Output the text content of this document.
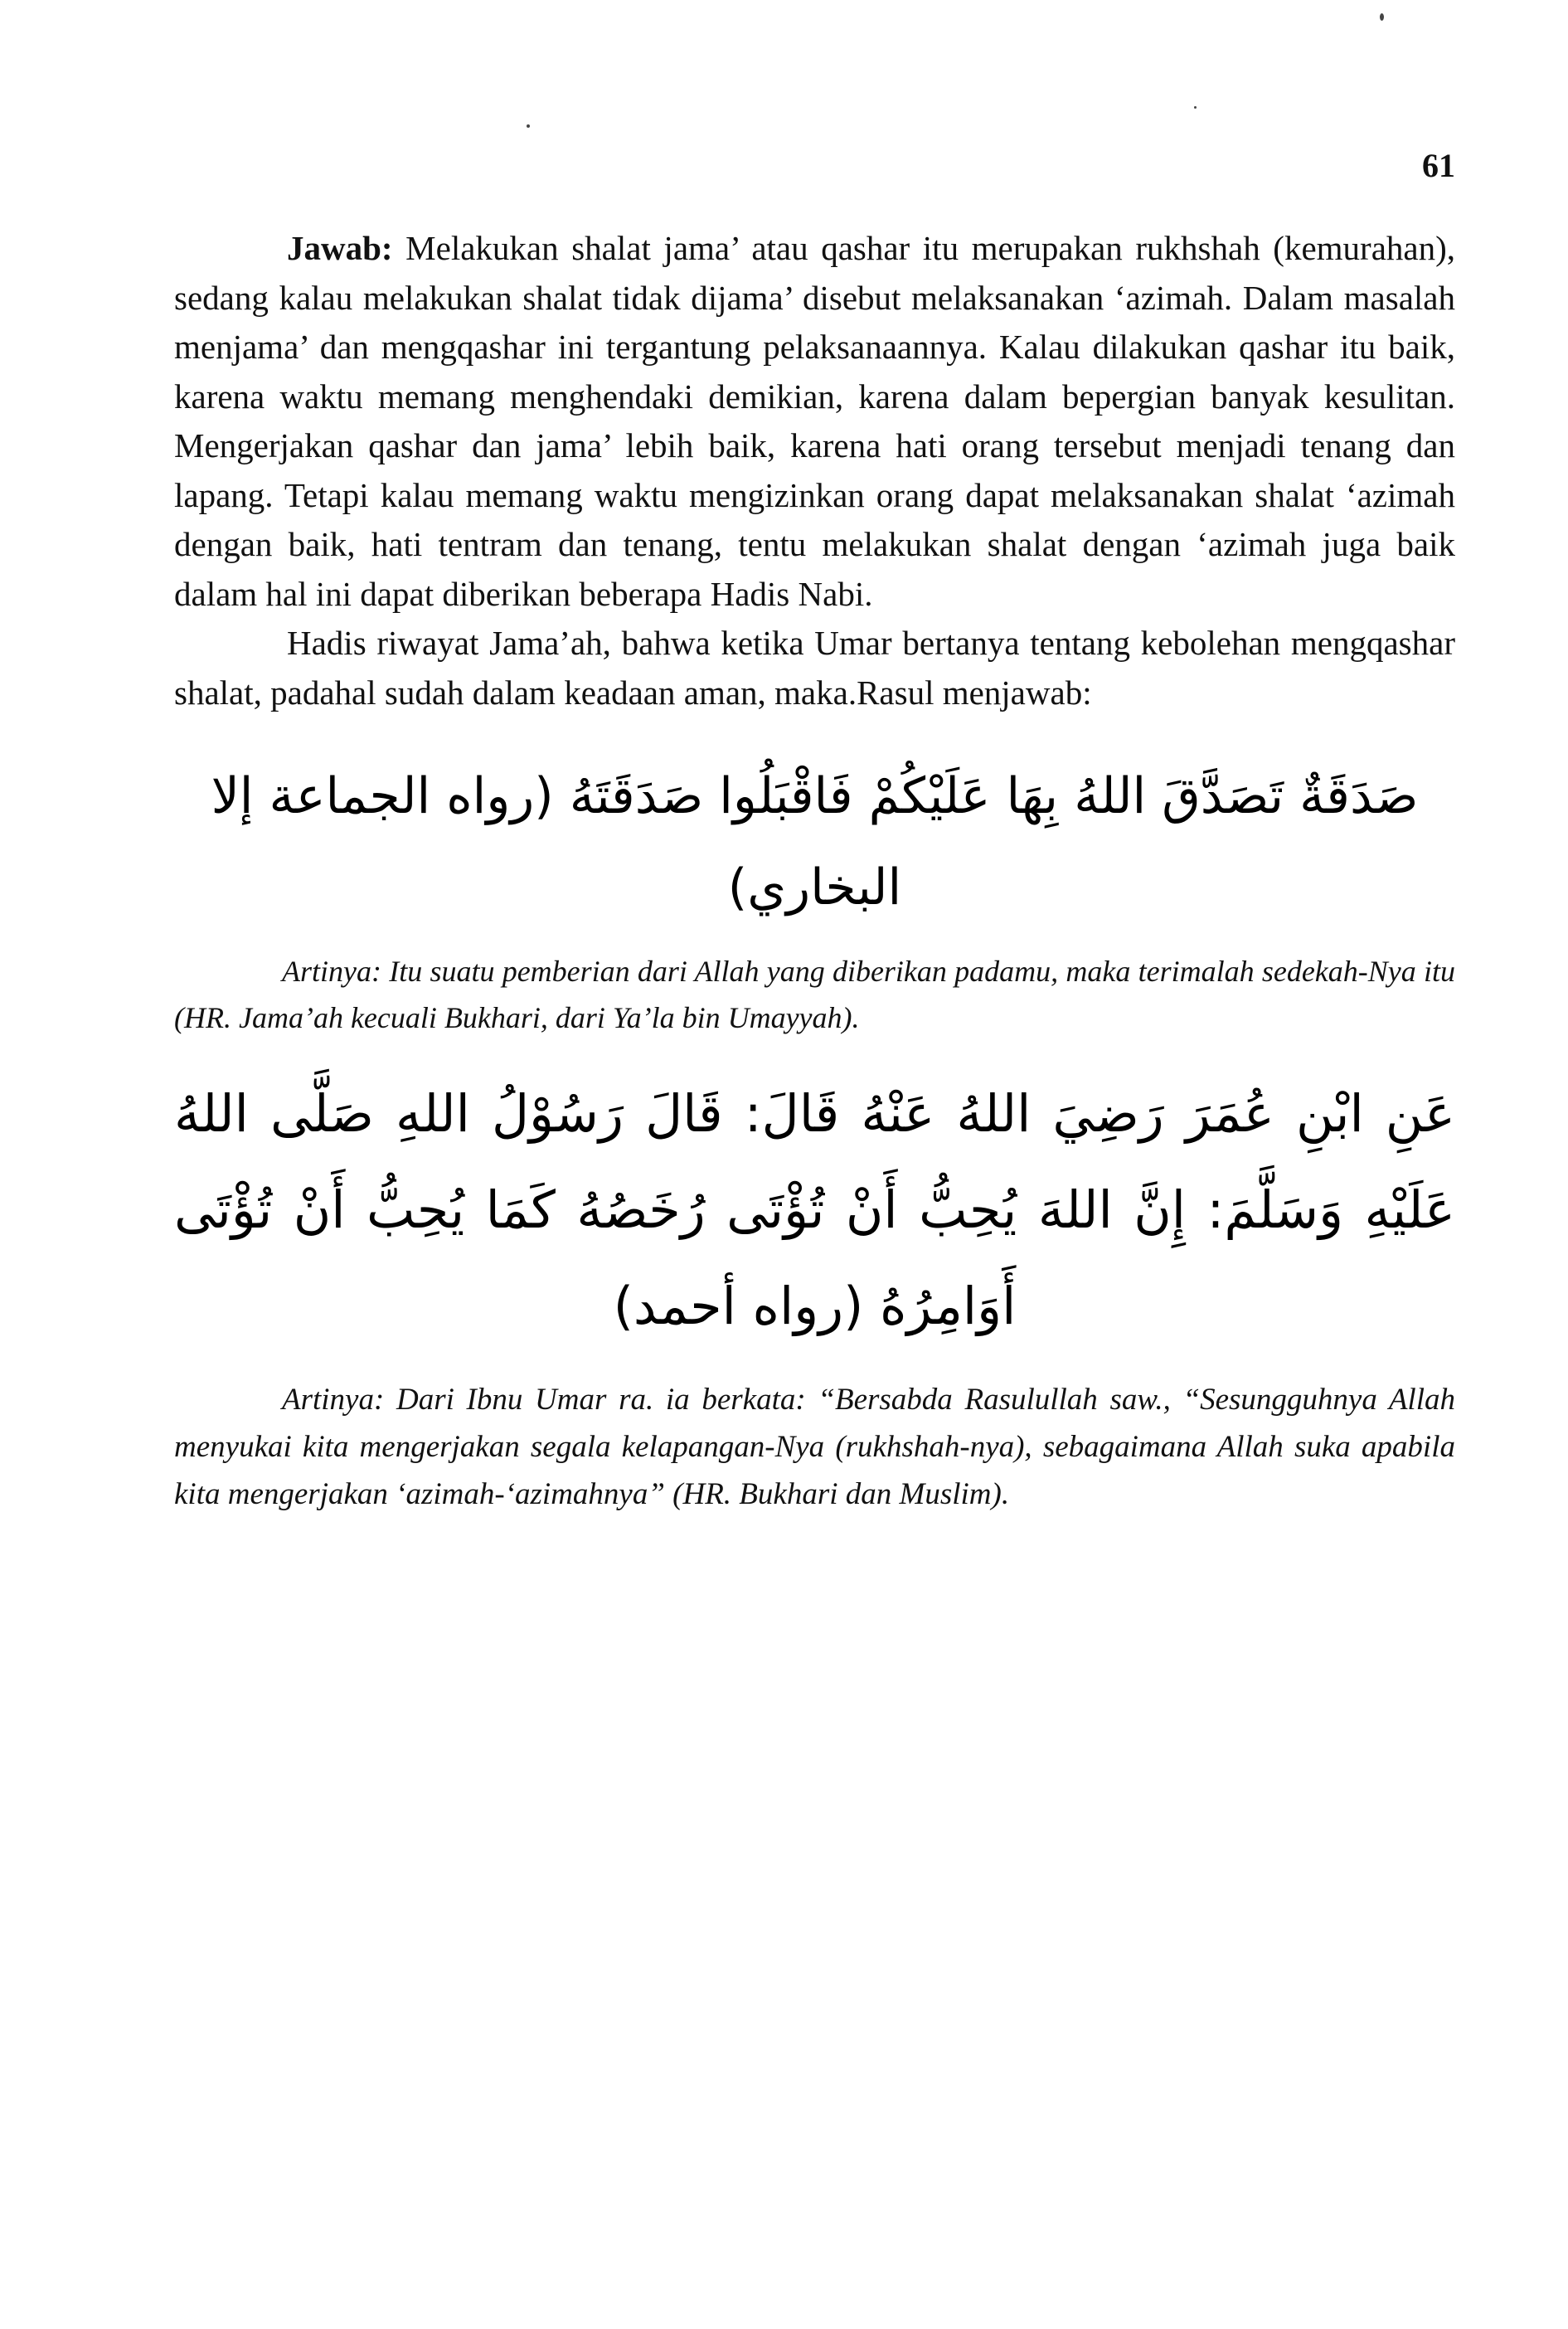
61

Jawab: Melakukan shalat jama’ atau qashar itu merupakan rukhshah (kemurahan), sedang kalau melakukan shalat tidak dijama’ disebut melaksanakan ‘azimah. Dalam masalah menjama’ dan mengqashar ini tergantung pelaksanaannya. Kalau dilakukan qashar itu baik, karena waktu memang menghendaki demikian, karena dalam bepergian banyak kesulitan. Mengerjakan qashar dan jama’ lebih baik, karena hati orang tersebut menjadi tenang dan lapang. Tetapi kalau memang waktu mengizinkan orang dapat melaksanakan shalat ‘azimah dengan baik, hati tentram dan tenang, tentu melakukan shalat dengan ‘azimah juga baik dalam hal ini dapat diberikan beberapa Hadis Nabi.

Hadis riwayat Jama’ah, bahwa ketika Umar bertanya tentang kebolehan mengqashar shalat, padahal sudah dalam keadaan aman, maka.Rasul menjawab:

صَدَقَةٌ تَصَدَّقَ اللهُ بِهَا عَلَيْكُمْ فَاقْبَلُوا صَدَقَتَهُ (رواه الجماعة إلا البخاري)

Artinya: Itu suatu pemberian dari Allah yang diberikan padamu, maka terimalah sedekah-Nya itu (HR. Jama’ah kecuali Bukhari, dari Ya’la bin Umayyah).

عَنِ ابْنِ عُمَرَ رَضِيَ اللهُ عَنْهُ قَالَ: قَالَ رَسُوْلُ اللهِ صَلَّى اللهُ عَلَيْهِ وَسَلَّمَ: إِنَّ اللهَ يُحِبُّ أَنْ تُؤْتَى رُخَصُهُ كَمَا يُحِبُّ أَنْ تُؤْتَى أَوَامِرُهُ (رواه أحمد)

Artinya: Dari Ibnu Umar ra. ia berkata: “Bersabda Rasulullah saw., “Sesungguhnya Allah menyukai kita mengerjakan segala kelapangan-Nya (rukhshah-nya), sebagaimana Allah suka apabila kita mengerjakan ‘azimah-‘azimahnya” (HR. Bukhari dan Muslim).
